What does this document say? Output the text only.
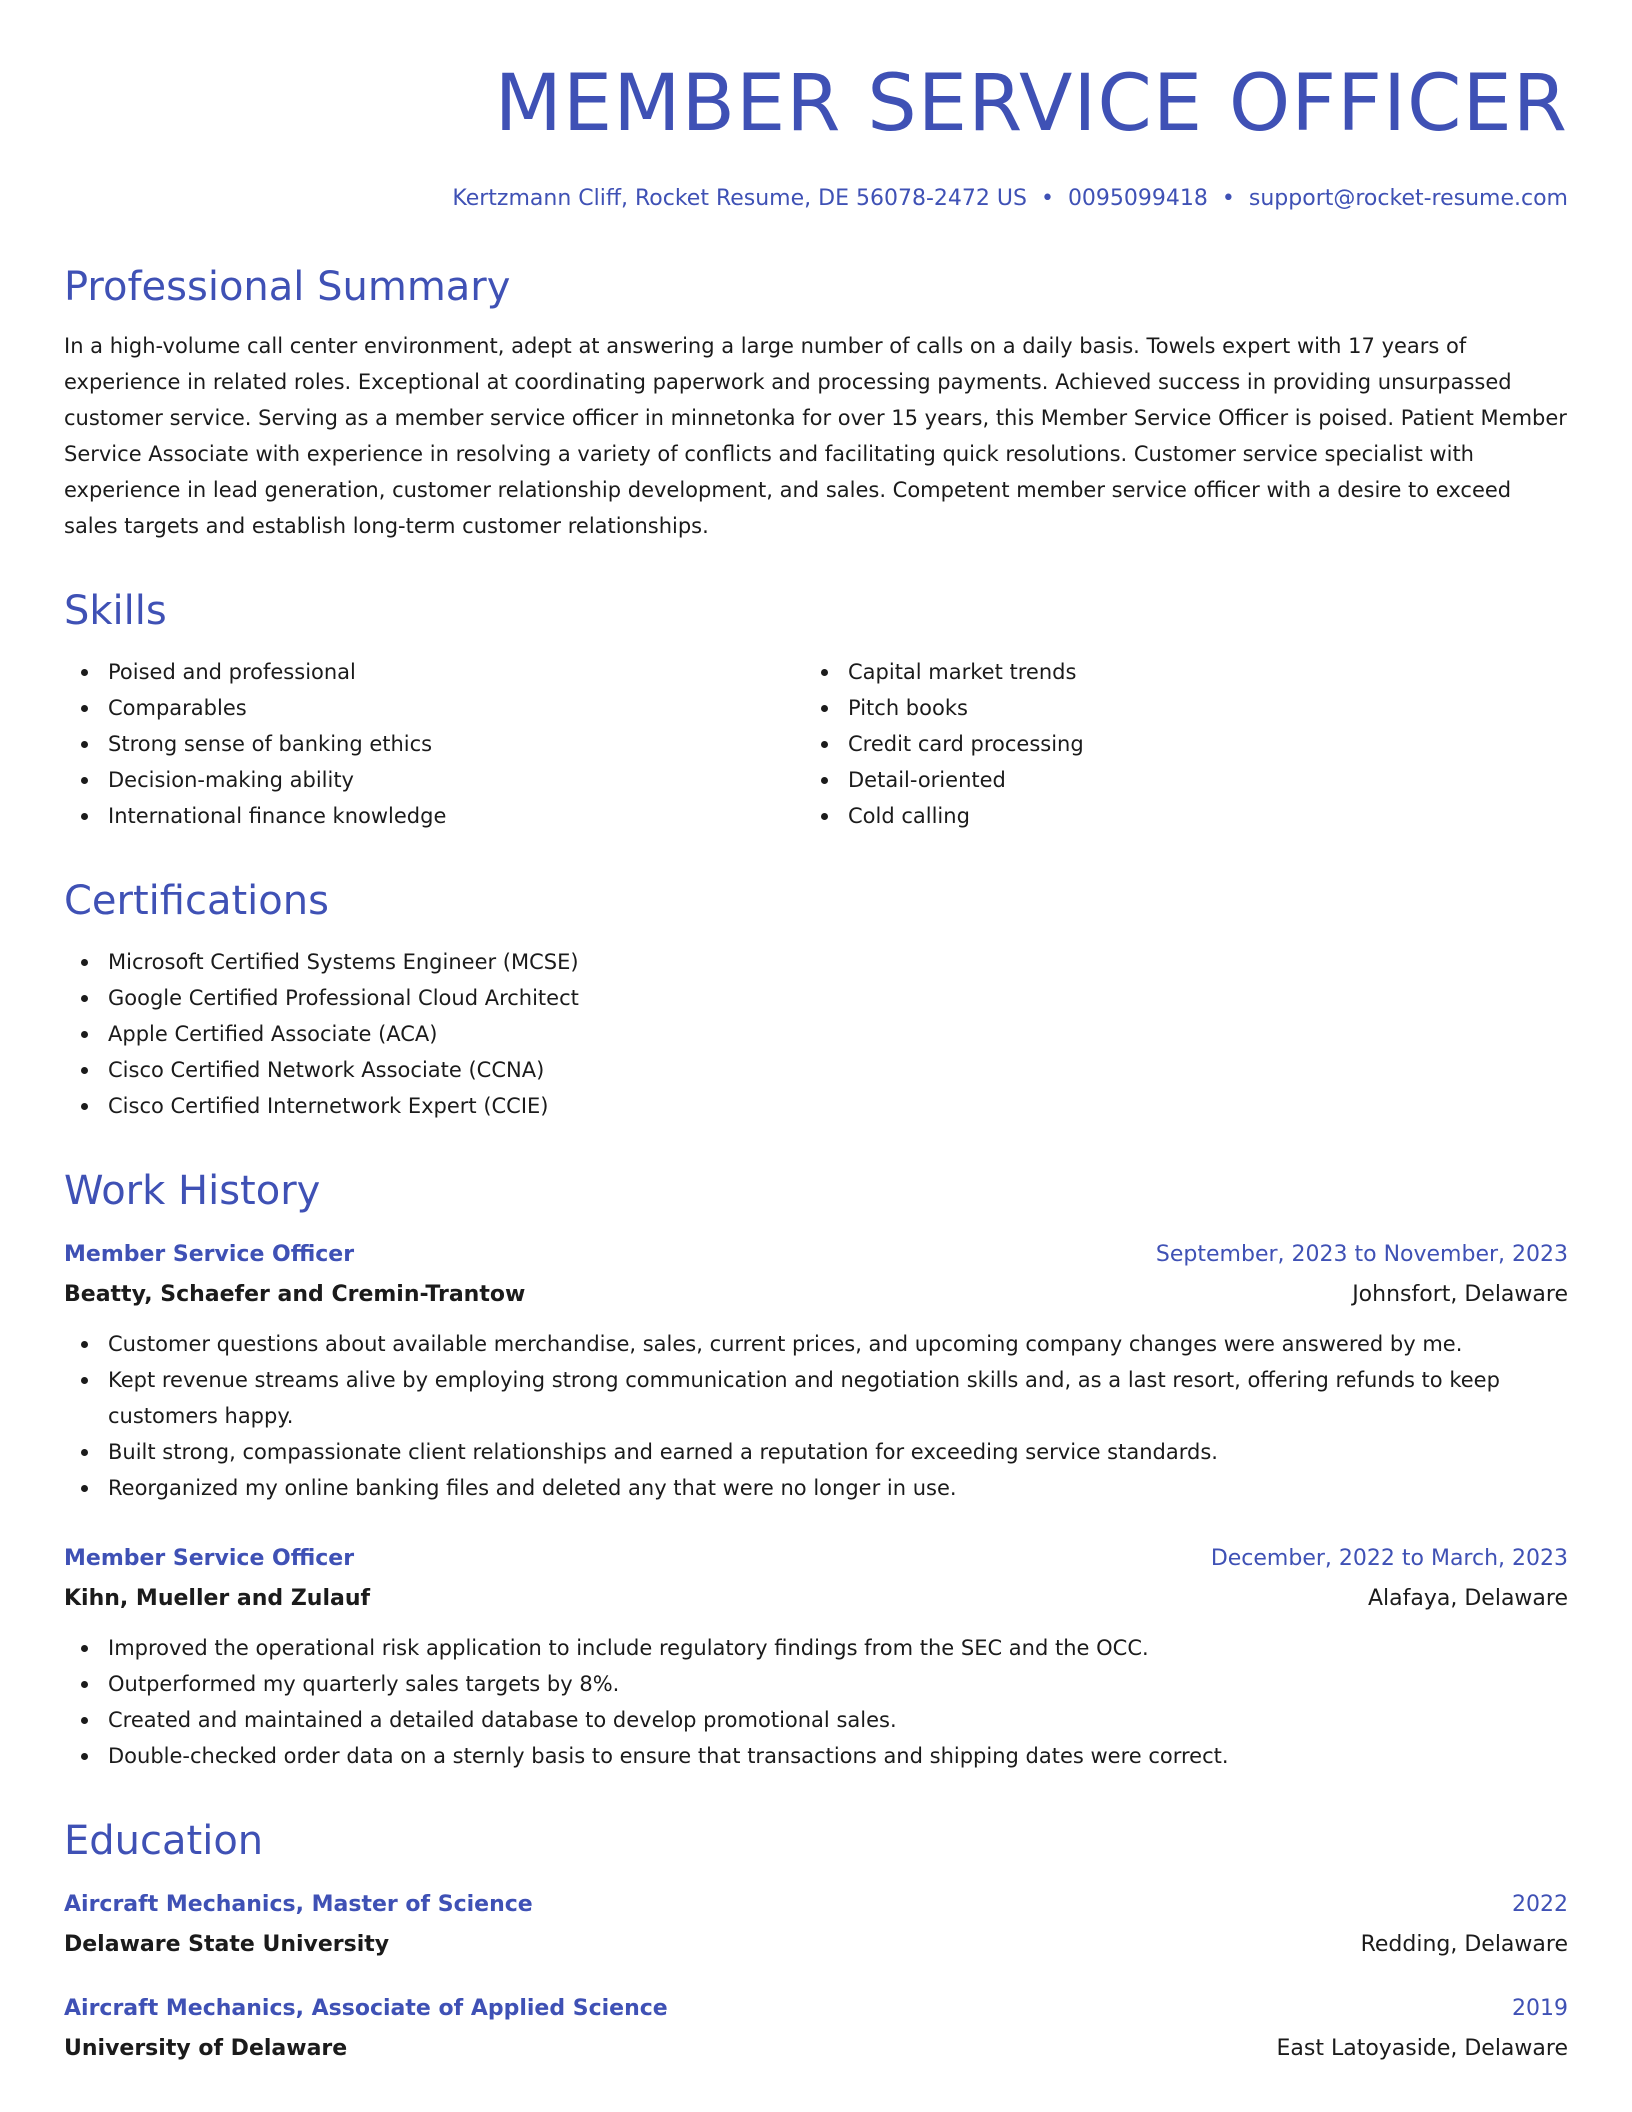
MEMBER SERVICE OFFICER
Kertzmann Cliff, Rocket Resume, DE 56078-2472 US • 0095099418 • support@rocket-resume.com
Professional Summary

In a high-volume call center environment, adept at answering a large number of calls on a daily basis. Towels expert with 17 years of experience in related roles. Exceptional at coordinating paperwork and processing payments. Achieved success in providing unsurpassed customer service. Serving as a member service officer in minnetonka for over 15 years, this Member Service Officer is poised. Patient Member Service Associate with experience in resolving a variety of conflicts and facilitating quick resolutions. Customer service specialist with experience in lead generation, customer relationship development, and sales. Competent member service officer with a desire to exceed sales targets and establish long-term customer relationships.

Skills
Poised and professional
Comparables
Strong sense of banking ethics
Decision-making ability
International finance knowledge
Capital market trends
Pitch books
Credit card processing
Detail-oriented
Cold calling
Certifications
Microsoft Certified Systems Engineer (MCSE)
Google Certified Professional Cloud Architect
Apple Certified Associate (ACA)
Cisco Certified Network Associate (CCNA)
Cisco Certified Internetwork Expert (CCIE)
Work History
Member Service Officer	September, 2023 to November, 2023
Beatty, Schaefer and Cremin-Trantow	Johnsfort, Delaware
Customer questions about available merchandise, sales, current prices, and upcoming company changes were answered by me.
Kept revenue streams alive by employing strong communication and negotiation skills and, as a last resort, offering refunds to keep customers happy.
Built strong, compassionate client relationships and earned a reputation for exceeding service standards.
Reorganized my online banking files and deleted any that were no longer in use.
Member Service Officer	December, 2022 to March, 2023
Kihn, Mueller and Zulauf	Alafaya, Delaware
Improved the operational risk application to include regulatory findings from the SEC and the OCC.
Outperformed my quarterly sales targets by 8%.
Created and maintained a detailed database to develop promotional sales.
Double-checked order data on a sternly basis to ensure that transactions and shipping dates were correct.
Education
Aircraft Mechanics, Master of Science	2022
Delaware State University	Redding, Delaware
Aircraft Mechanics, Associate of Applied Science	2019
University of Delaware	East Latoyaside, Delaware
